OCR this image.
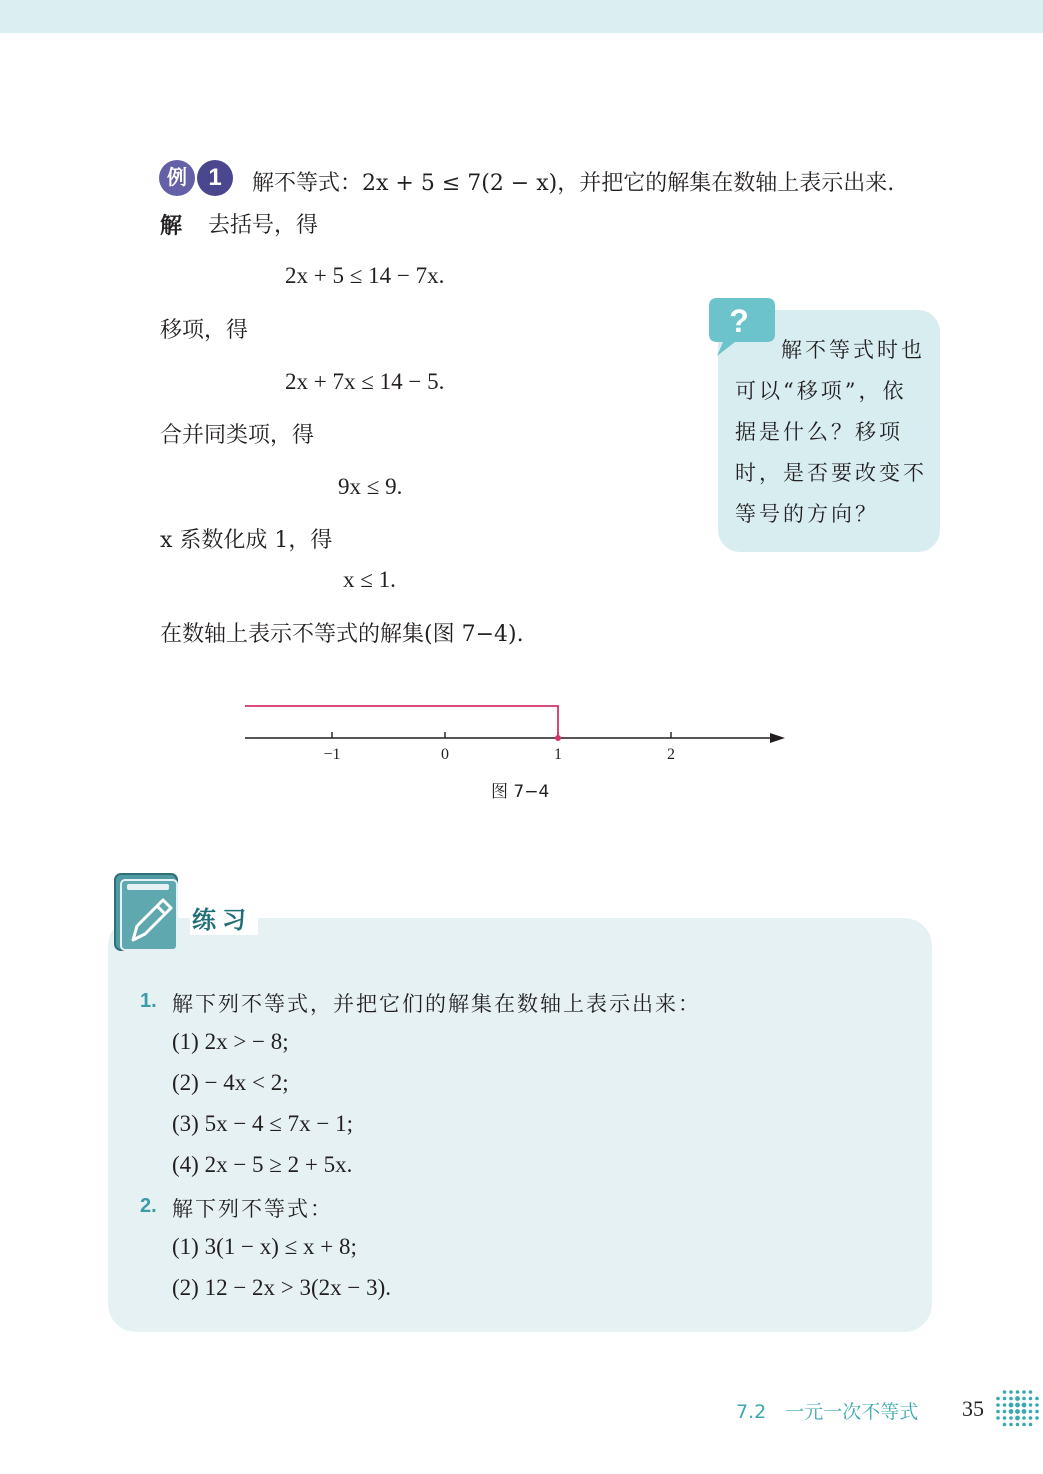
例 1	解不等式：2x + 5 ≤ 7(2 − x)，并把它的解集在数轴上表示出来.
解 去括号，得
2x + 5 ≤ 14 − 7x.
移项，得
2x + 7x ≤ 14 − 5.
合并同类项，得
9x ≤ 9.
x 系数化成 1，得
x ≤ 1.
在数轴上表示不等式的解集(图 7−4).
?
解不等式时也可以“移项”，依据是什么？移项时，是否要改变不等号的方向？
−1	0	1	2
图 7−4
练习
1. 解下列不等式，并把它们的解集在数轴上表示出来：
(1) 2x > − 8;
(2) − 4x < 2;
(3) 5x − 4 ≤ 7x − 1;
(4) 2x − 5 ≥ 2 + 5x.
2. 解下列不等式：
(1) 3(1 − x) ≤ x + 8;
(2) 12 − 2x > 3(2x − 3).
7.2　一元一次不等式 35
